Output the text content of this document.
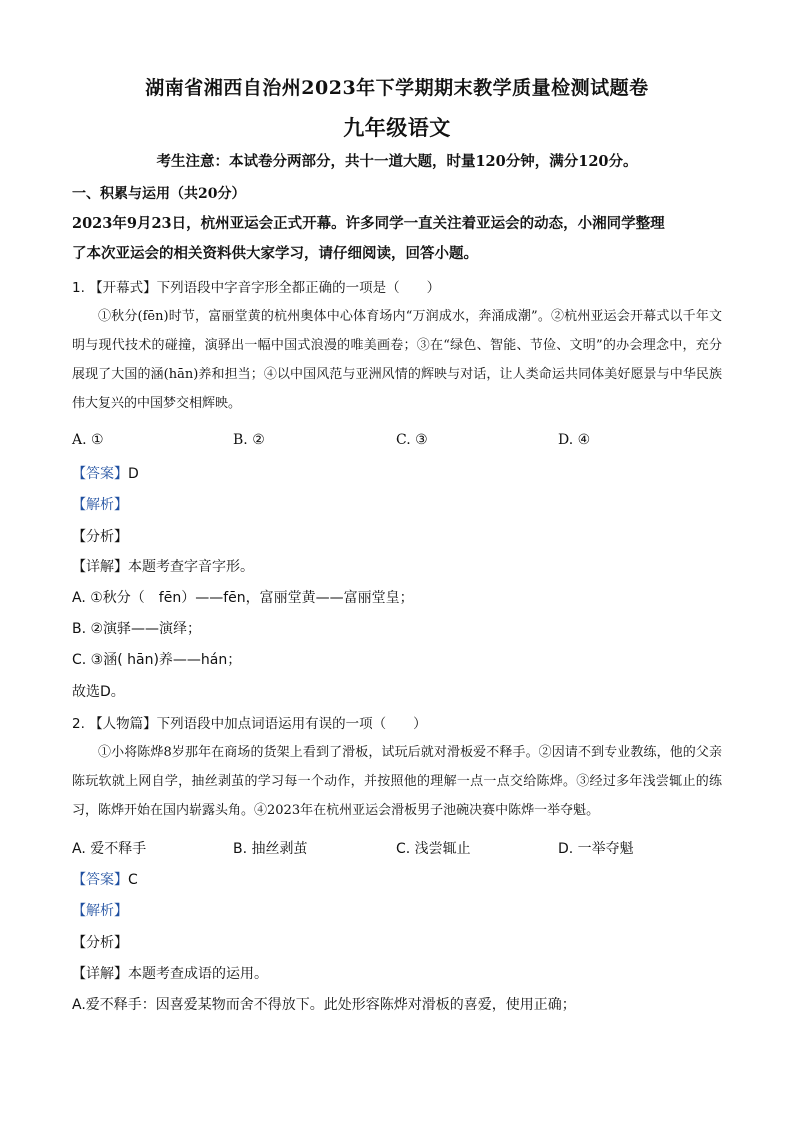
湖南省湘西自治州2023年下学期期末教学质量检测试题卷
九年级语文
考生注意：本试卷分两部分，共十一道大题，时量120分钟，满分120分。
一、积累与运用（共20分）
2023年9月23日，杭州亚运会正式开幕。许多同学一直关注着亚运会的动态，小湘同学整理
了本次亚运会的相关资料供大家学习，请仔细阅读，回答小题。
1. 【开幕式】下列语段中字音字形全都正确的一项是（　　）
①秋分(fēn)时节，富丽堂黄的杭州奥体中心体育场内“万润成水，奔涌成潮”。②杭州亚运会开幕式以千年文明与现代技术的碰撞，演驿出一幅中国式浪漫的唯美画卷；③在“绿色、智能、节俭、文明”的办会理念中，充分展现了大国的涵(hān)养和担当；④以中国风范与亚洲风情的辉映与对话，让人类命运共同体美好愿景与中华民族伟大复兴的中国梦交相辉映。
A. ①	B. ②	C. ③	D. ④
【答案】D
【解析】
【分析】
【详解】本题考查字音字形。
A. ①秋分（　fēn）——fēn，富丽堂黄——富丽堂皇；
B. ②演驿——演绎；
C. ③涵( hān)养——hán；
故选D。
2. 【人物篇】下列语段中加点词语运用有误的一项（　　）
①小将陈烨8岁那年在商场的货架上看到了滑板，试玩后就对滑板爱不释手。②因请不到专业教练，他的父亲陈玩软就上网自学，抽丝剥茧的学习每一个动作，并按照他的理解一点一点交给陈烨。③经过多年浅尝辄止的练习，陈烨开始在国内崭露头角。④2023年在杭州亚运会滑板男子池碗决赛中陈烨一举夺魁。
A. 爱不释手	B. 抽丝剥茧	C. 浅尝辄止	D. 一举夺魁
【答案】C
【解析】
【分析】
【详解】本题考查成语的运用。
A.爱不释手：因喜爱某物而舍不得放下。此处形容陈烨对滑板的喜爱，使用正确；
